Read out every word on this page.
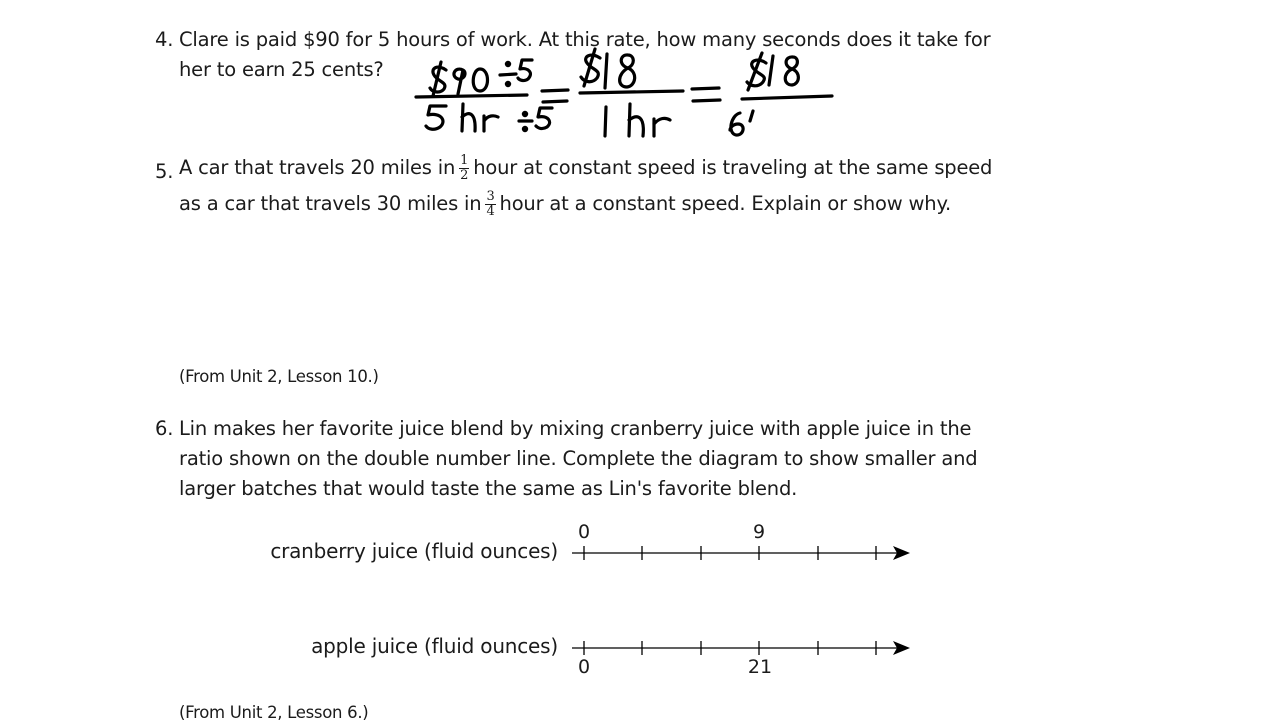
4. Clare is paid $90 for 5 hours of work. At this rate, how many seconds does it take for her to earn 25 cents?
5. A car that travels 20 miles in $\frac{1}{2}$ hour at constant speed is traveling at the same speed as a car that travels 30 miles in $\frac{3}{4}$ hour at a constant speed. Explain or show why.
(From Unit 2, Lesson 10.)
6. Lin makes her favorite juice blend by mixing cranberry juice with apple juice in the ratio shown on the double number line. Complete the diagram to show smaller and larger batches that would taste the same as Lin's favorite blend.
cranberry juice (fluid ounces)
apple juice (fluid ounces)
0	9
0	21
(From Unit 2, Lesson 6.)
